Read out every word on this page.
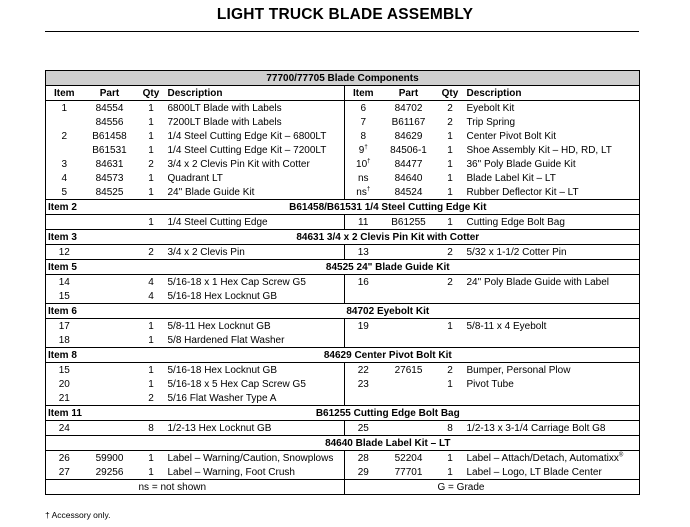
LIGHT TRUCK BLADE ASSEMBLY
77700/77705 Blade Components							
Item	Part	Qty	Description	Item	Part	Qty	Description
1	84554	1	6800LT Blade with Labels	6	84702	2	Eyebolt Kit
	84556	1	7200LT Blade with Labels	7	B61167	2	Trip Spring
2	B61458	1	1/4 Steel Cutting Edge Kit – 6800LT	8	84629	1	Center Pivot Bolt Kit
	B61531	1	1/4 Steel Cutting Edge Kit – 7200LT	9†	84506-1	1	Shoe Assembly Kit – HD, RD, LT
3	84631	2	3/4 x 2 Clevis Pin Kit with Cotter	10†	84477	1	36" Poly Blade Guide Kit
4	84573	1	Quadrant LT	ns	84640	1	Blade Label Kit – LT
5	84525	1	24" Blade Guide Kit	ns†	84524	1	Rubber Deflector Kit – LT
Item 2		B61458/B61531 1/4 Steel Cutting Edge Kit					
		1	1/4 Steel Cutting Edge	11	B61255	1	Cutting Edge Bolt Bag
Item 3		84631 3/4 x 2 Clevis Pin Kit with Cotter					
12		2	3/4 x 2 Clevis Pin	13		2	5/32 x 1-1/2 Cotter Pin
Item 5		84525 24" Blade Guide Kit					
14		4	5/16-18 x 1 Hex Cap Screw G5	16		2	24" Poly Blade Guide with Label
15		4	5/16-18 Hex Locknut GB				
Item 6		84702 Eyebolt Kit					
17		1	5/8-11 Hex Locknut GB	19		1	5/8-11 x 4 Eyebolt
18		1	5/8 Hardened Flat Washer				
Item 8		84629 Center Pivot Bolt Kit					
15		1	5/16-18 Hex Locknut GB	22	27615	2	Bumper, Personal Plow
20		1	5/16-18 x 5 Hex Cap Screw G5	23		1	Pivot Tube
21		2	5/16 Flat Washer Type A				
Item 11		B61255 Cutting Edge Bolt Bag					
24		8	1/2-13 Hex Locknut GB	25		8	1/2-13 x 3-1/4 Carriage Bolt G8
		84640 Blade Label Kit – LT					
26	59900	1	Label – Warning/Caution, Snowplows	28	52204	1	Label – Attach/Detach, Automatixx®
27	29256	1	Label – Warning, Foot Crush	29	77701	1	Label – Logo, LT Blade Center
		ns = not shown				G = Grade	
† Accessory only.
